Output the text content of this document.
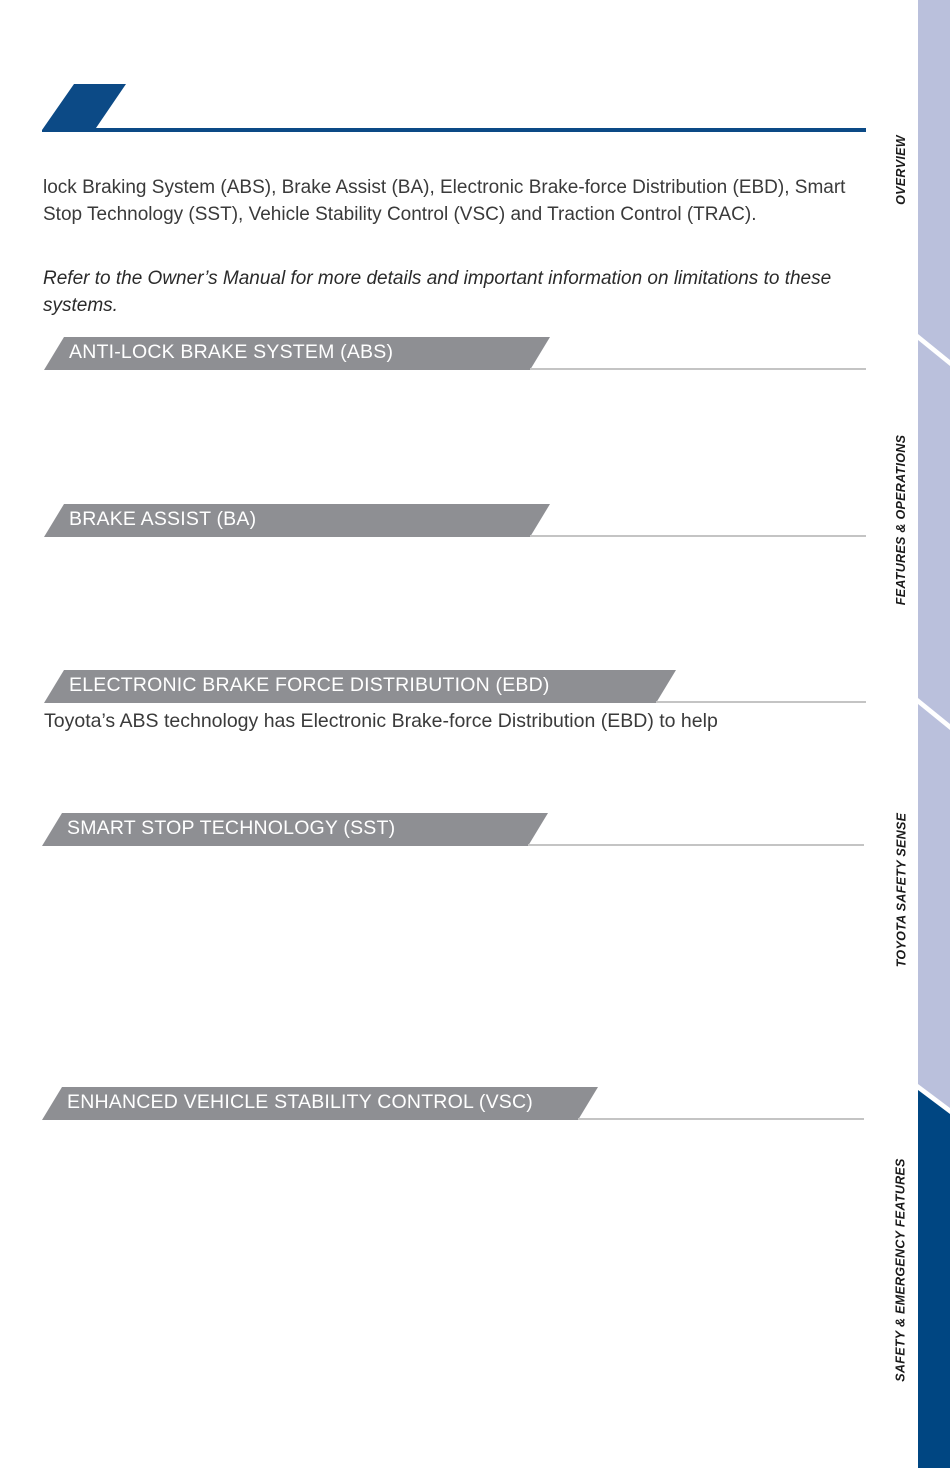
lock Braking System (ABS), Brake Assist (BA), Electronic Brake-force Distribution (EBD), Smart Stop Technology (SST), Vehicle Stability Control (VSC) and Traction Control (TRAC).
Refer to the Owner’s Manual for more details and important information on limitations to these systems.
ANTI-LOCK BRAKE SYSTEM (ABS)
BRAKE ASSIST (BA)
ELECTRONIC BRAKE FORCE DISTRIBUTION (EBD)
Toyota’s ABS technology has Electronic Brake-force Distribution (EBD) to help
SMART STOP TECHNOLOGY (SST)
ENHANCED VEHICLE STABILITY CONTROL (VSC)
OVERVIEW
FEATURES & OPERATIONS
TOYOTA SAFETY SENSE
SAFETY & EMERGENCY FEATURES
